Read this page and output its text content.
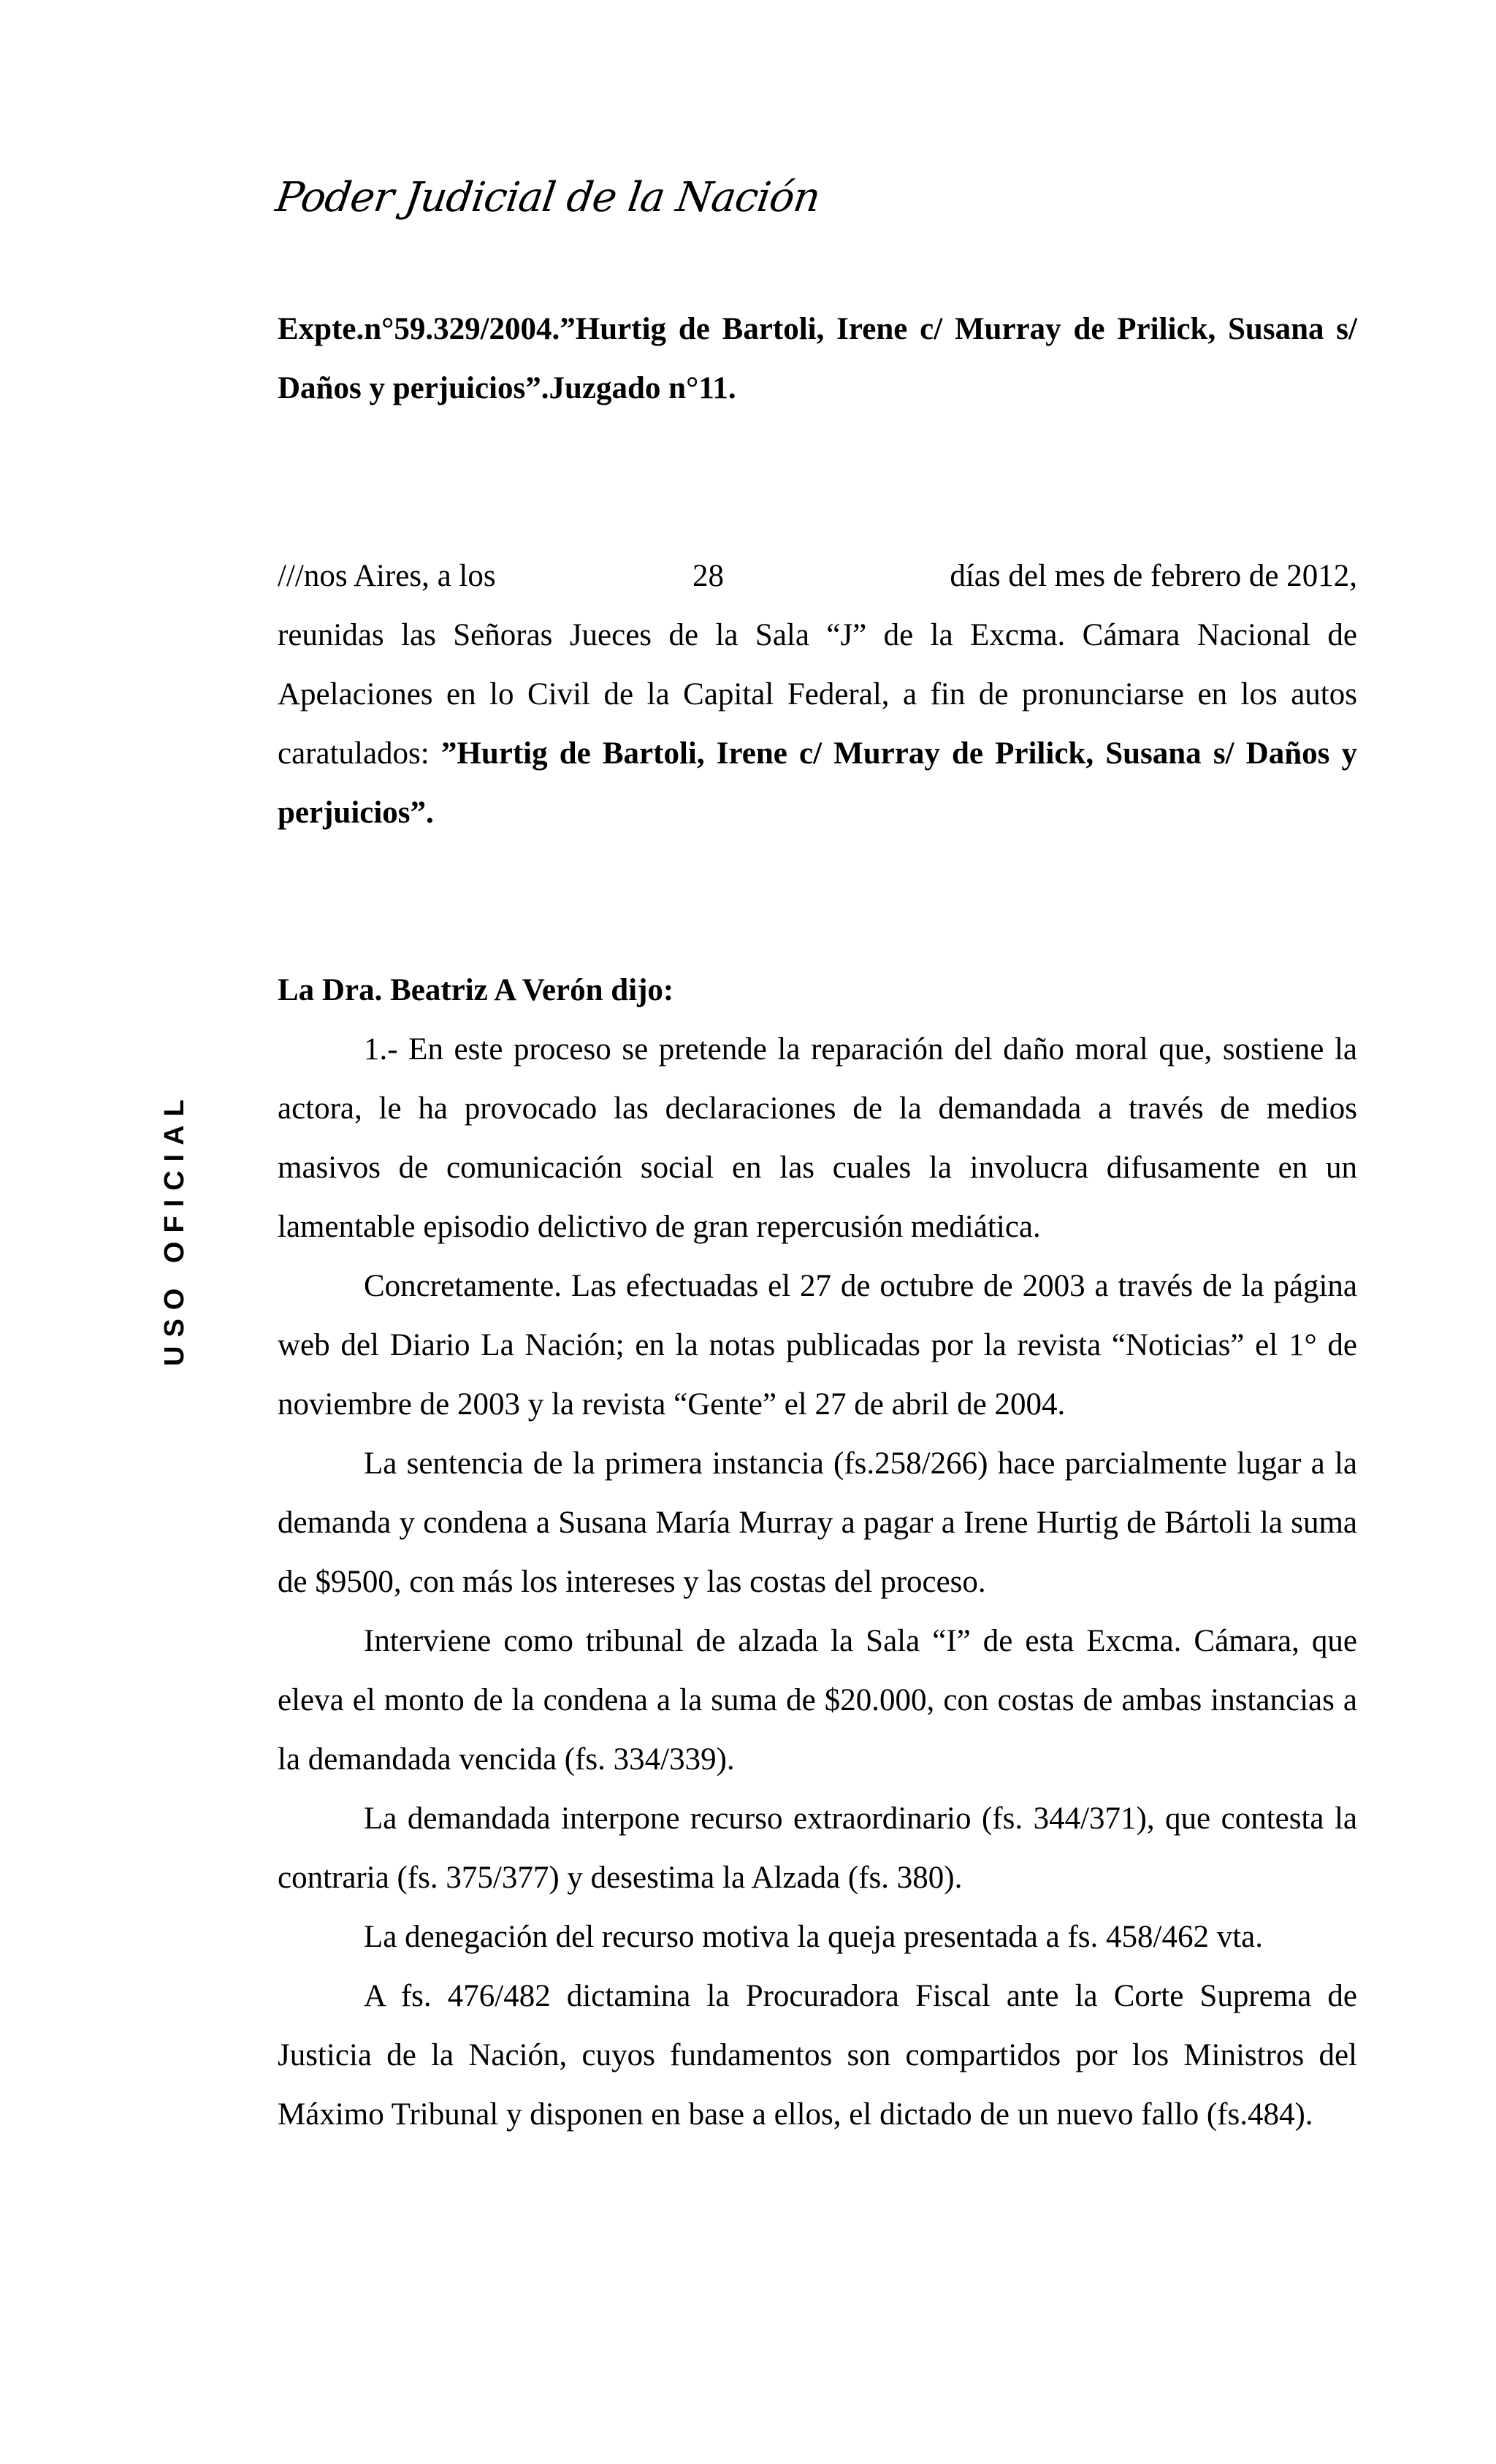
Poder Judicial de la Nación
USO OFICIAL

Expte.n°59.329/2004.”Hurtig de Bartoli, Irene c/ Murray de Prilick, Susana s/ Daños y perjuicios”.Juzgado n°11.

///nos Aires, a los	28	días del mes de febrero de 2012,

reunidas las Señoras Jueces de la Sala “J” de la Excma. Cámara Nacional de Apelaciones en lo Civil de la Capital Federal, a fin de pronunciarse en los autos caratulados: ”Hurtig de Bartoli, Irene c/ Murray de Prilick, Susana s/ Daños y perjuicios”.

La Dra. Beatriz A Verón dijo:

1.- En este proceso se pretende la reparación del daño moral que, sostiene la actora, le ha provocado las declaraciones de la demandada a través de medios masivos de comunicación social en las cuales la involucra difusamente en un lamentable episodio delictivo de gran repercusión mediática.

Concretamente. Las efectuadas el 27 de octubre de 2003 a través de la página web del Diario La Nación; en la notas publicadas por la revista “Noticias” el 1° de noviembre de 2003 y la revista “Gente” el 27 de abril de 2004.

La sentencia de la primera instancia (fs.258/266) hace parcialmente lugar a la demanda y condena a Susana María Murray a pagar a Irene Hurtig de Bártoli la suma de $9500, con más los intereses y las costas del proceso.

Interviene como tribunal de alzada la Sala “I” de esta Excma. Cámara, que eleva el monto de la condena a la suma de $20.000, con costas de ambas instancias a la demandada vencida (fs. 334/339).

La demandada interpone recurso extraordinario (fs. 344/371), que contesta la contraria (fs. 375/377) y desestima la Alzada (fs. 380).

La denegación del recurso motiva la queja presentada a fs. 458/462 vta.

A fs. 476/482 dictamina la Procuradora Fiscal ante la Corte Suprema de Justicia de la Nación, cuyos fundamentos son compartidos por los Ministros del Máximo Tribunal y disponen en base a ellos, el dictado de un nuevo fallo (fs.484).
